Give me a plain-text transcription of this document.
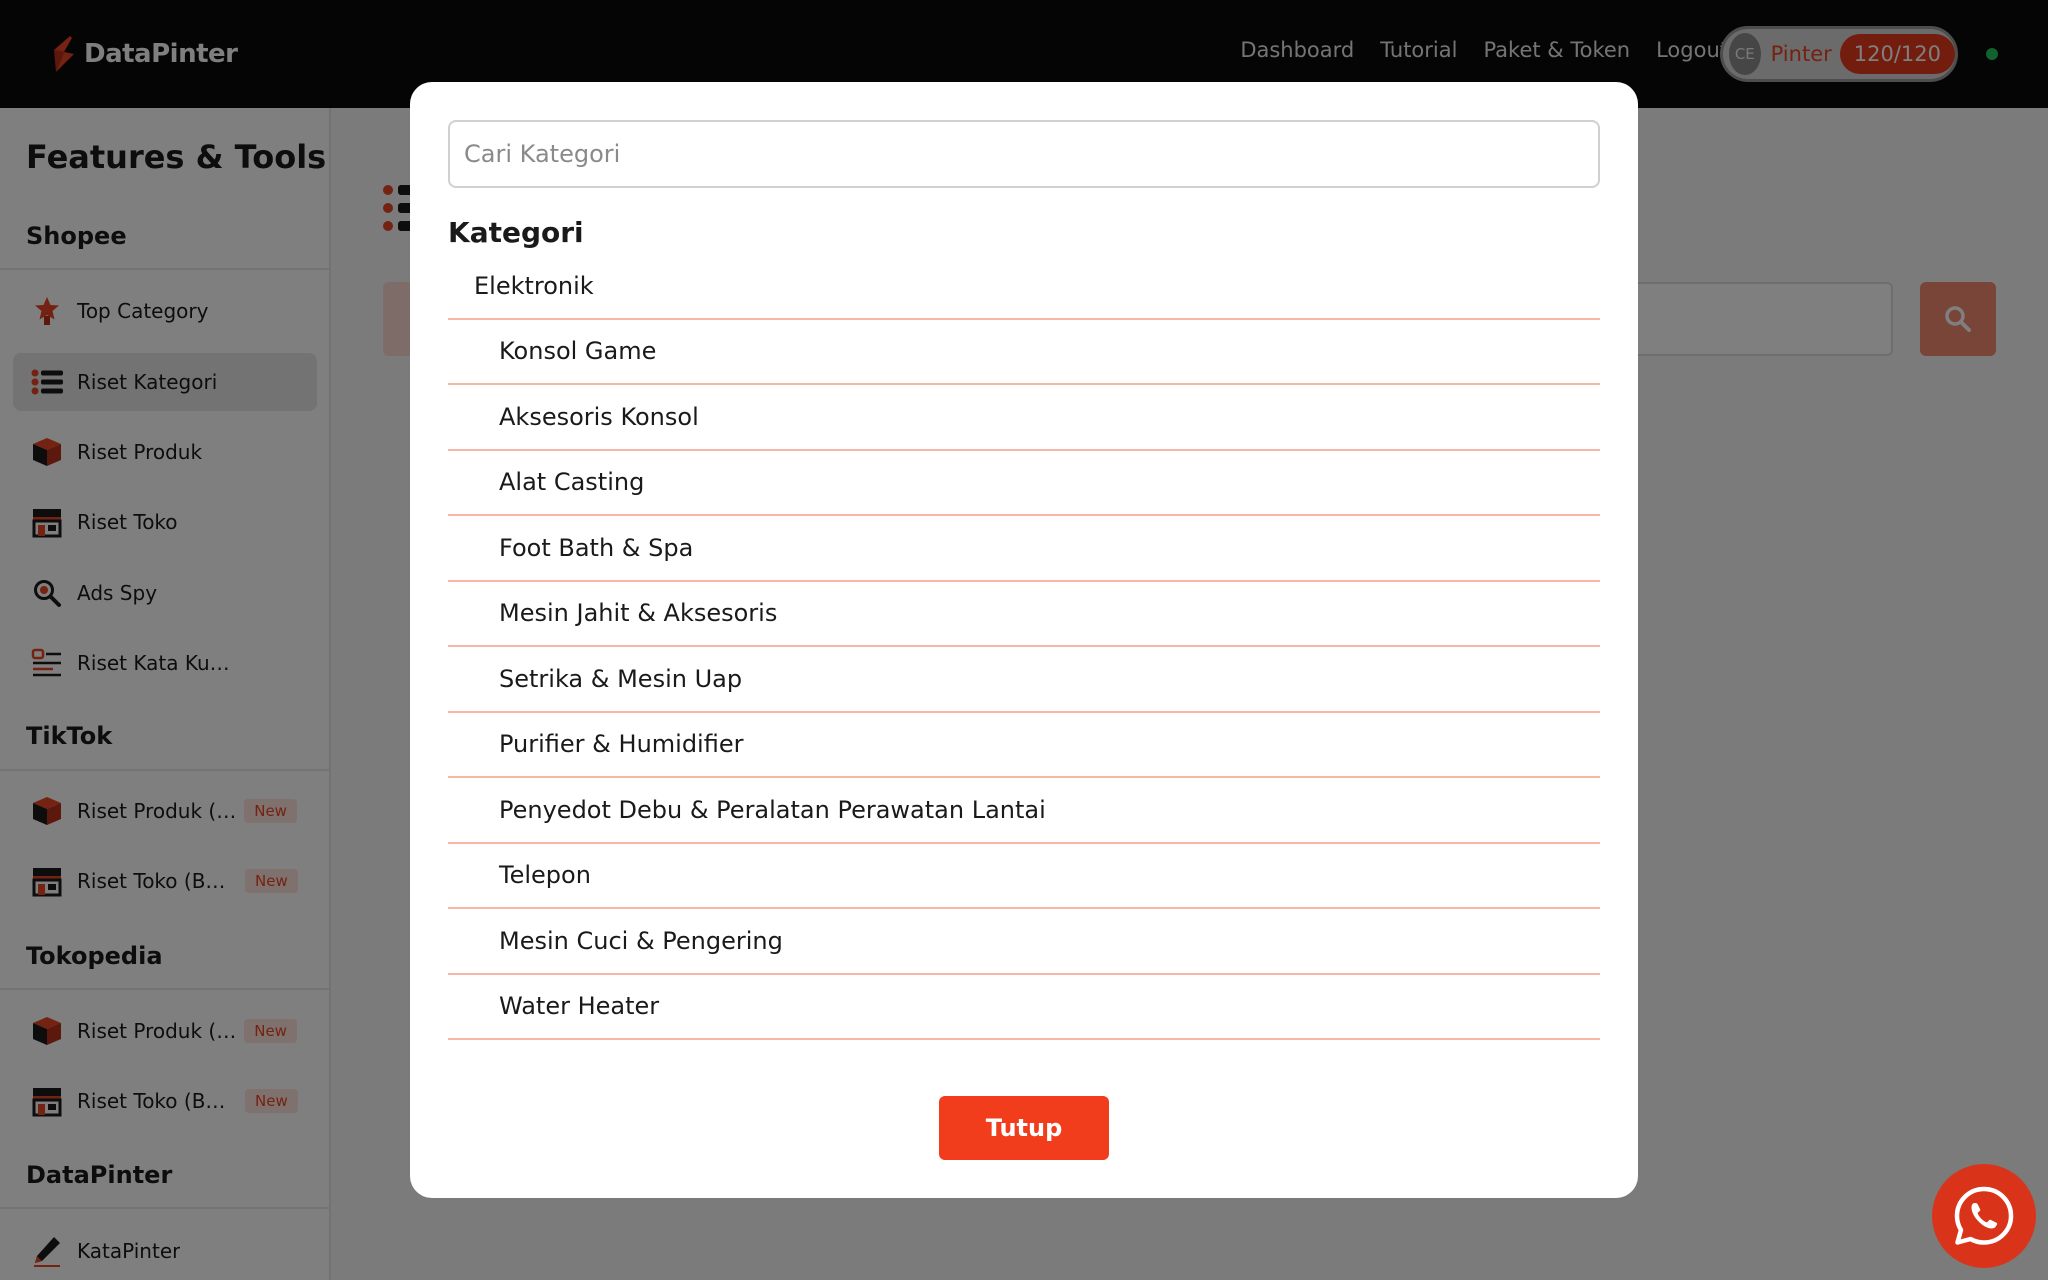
Cari Kategori
Kategori
Elektronik
Konsol Game
Aksesoris Konsol
Alat Casting
Foot Bath & Spa
Mesin Jahit & Aksesoris
Setrika & Mesin Uap
Purifier & Humidifier
Penyedot Debu & Peralatan Perawatan Lantai
Telepon
Mesin Cuci & Pengering
Water Heater
Tutup
